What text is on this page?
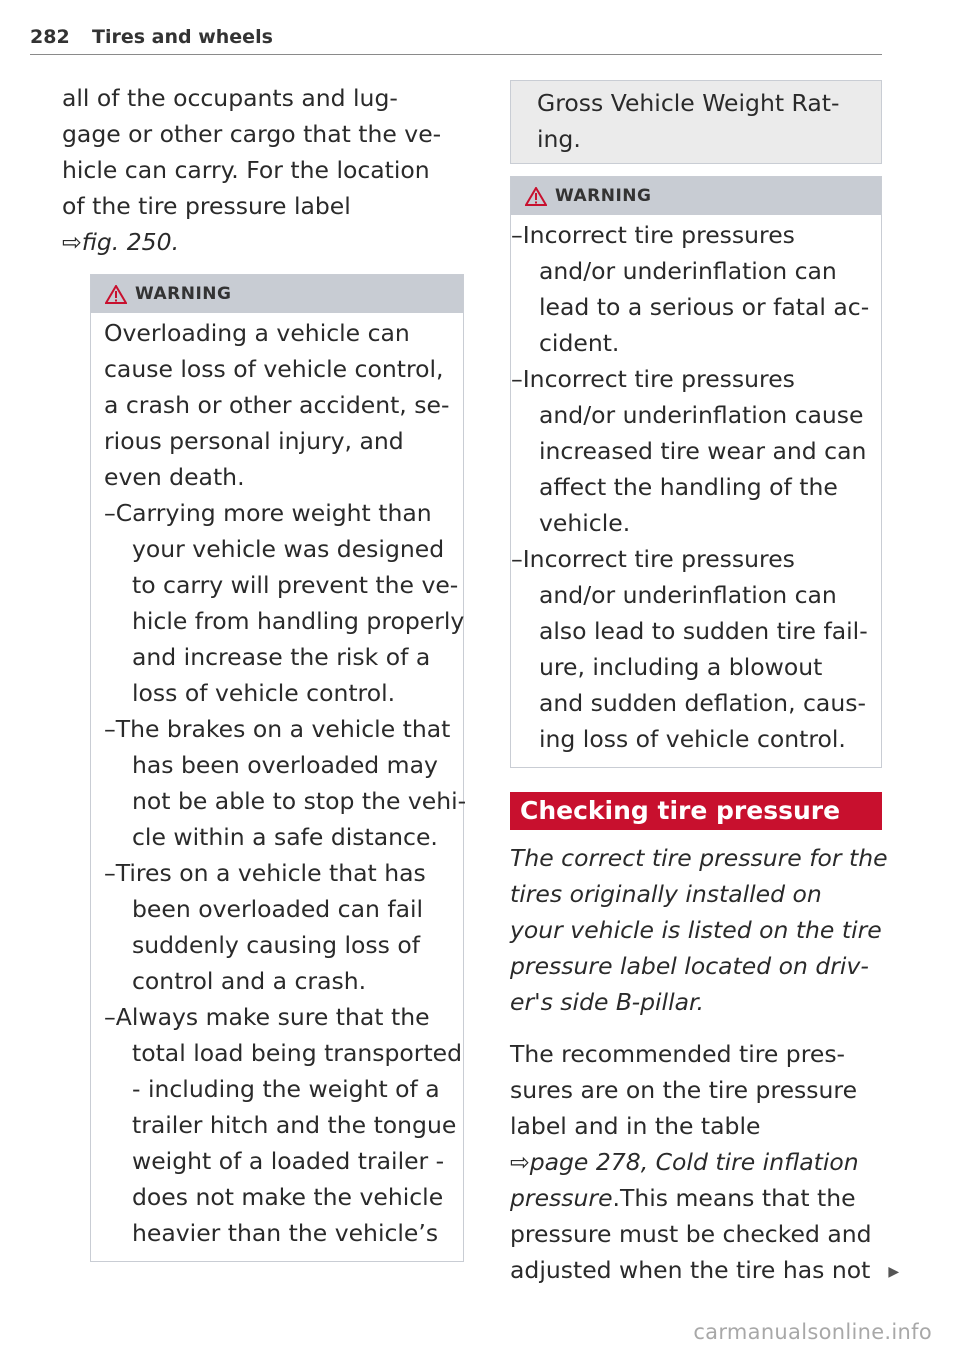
282 Tires and wheels
all of the occupants and lug-
gage or other cargo that the ve-
hicle can carry. For the location
of the tire pressure label
⇨fig. 250.
WARNING
Overloading a vehicle can
cause loss of vehicle control,
a crash or other accident, se-
rious personal injury, and
even death.
–Carrying more weight than
your vehicle was designed
to carry will prevent the ve-
hicle from handling properly
and increase the risk of a
loss of vehicle control.
–The brakes on a vehicle that
has been overloaded may
not be able to stop the vehi-
cle within a safe distance.
–Tires on a vehicle that has
been overloaded can fail
suddenly causing loss of
control and a crash.
–Always make sure that the
total load being transported
- including the weight of a
trailer hitch and the tongue
weight of a loaded trailer -
does not make the vehicle
heavier than the vehicle’s
Gross Vehicle Weight Rat-
ing.
WARNING
–Incorrect tire pressures
and/or underinflation can
lead to a serious or fatal ac-
cident.
–Incorrect tire pressures
and/or underinflation cause
increased tire wear and can
affect the handling of the
vehicle.
–Incorrect tire pressures
and/or underinflation can
also lead to sudden tire fail-
ure, including a blowout
and sudden deflation, caus-
ing loss of vehicle control.
Checking tire pressure
The correct tire pressure for the
tires originally installed on
your vehicle is listed on the tire
pressure label located on driv-
er's side B-pillar.
The recommended tire pres-
sures are on the tire pressure
label and in the table
⇨page 278, Cold tire inflation
pressure.This means that the
pressure must be checked and
adjusted when the tire has not ▶
carmanualsonline.info
